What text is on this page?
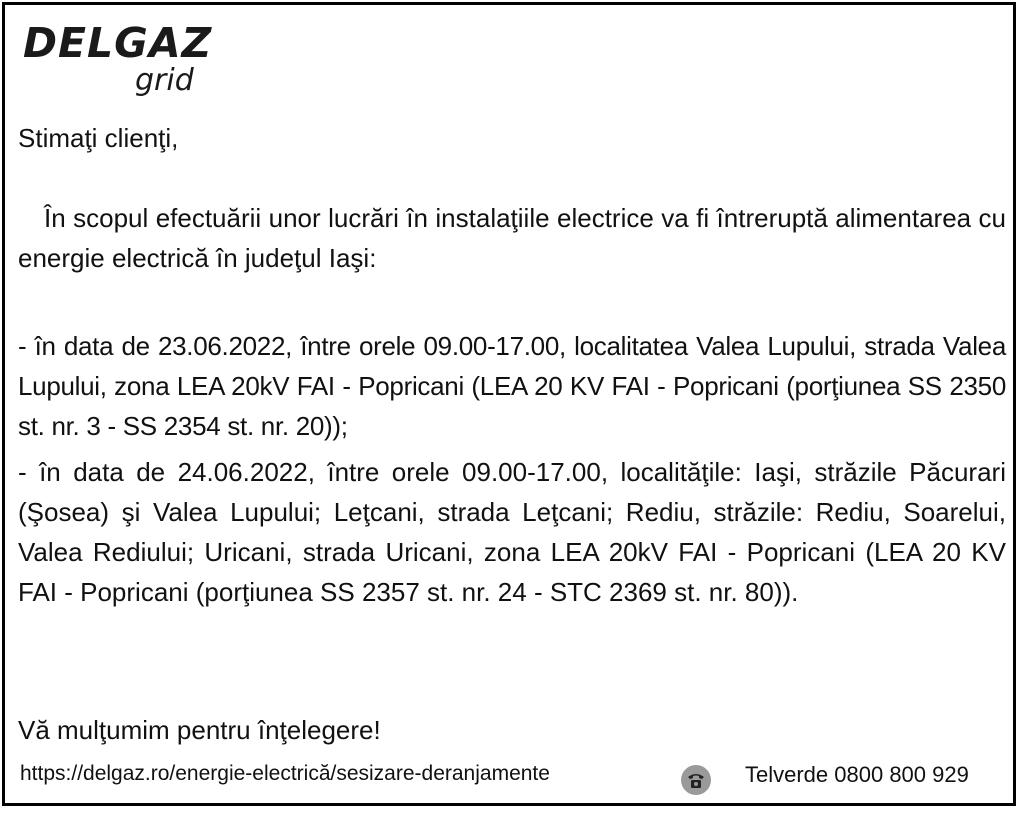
DELGAZ
grid
Stimaţi clienţi,
În scopul efectuării unor lucrări în instalaţiile electrice va fi întreruptă alimentarea cu energie electrică în judeţul Iaşi:
- în data de 23.06.2022, între orele 09.00-17.00, localitatea Valea Lupului, strada Valea Lupului, zona LEA 20kV FAI - Popricani (LEA 20 KV FAI - Popricani (porţiunea SS 2350 st. nr. 3 - SS 2354 st. nr. 20));
- în data de 24.06.2022, între orele 09.00-17.00, localităţile: Iaşi, străzile Păcurari (Şosea) şi Valea Lupului; Leţcani, strada Leţcani; Rediu, străzile: Rediu, Soarelui, Valea Rediului; Uricani, strada Uricani, zona LEA 20kV FAI - Popricani (LEA 20 KV FAI - Popricani (porţiunea SS 2357 st. nr. 24 - STC 2369 st. nr. 80)).
Vă mulţumim pentru înţelegere!
https://delgaz.ro/energie-electrică/sesizare-deranjamente	Telverde 0800 800 929
